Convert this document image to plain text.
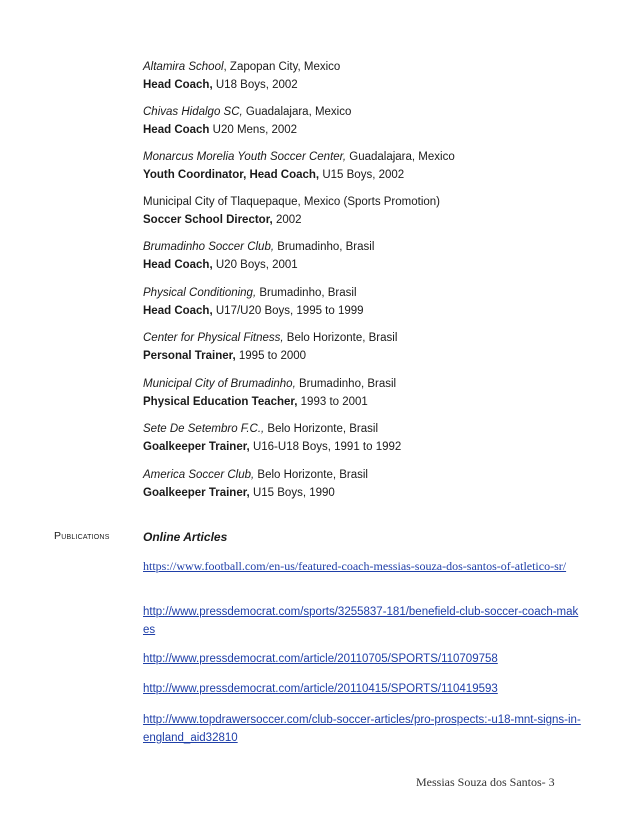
Altamira School, Zapopan City, Mexico
Head Coach, U18 Boys, 2002
Chivas Hidalgo SC, Guadalajara, Mexico
Head Coach U20 Mens, 2002
Monarcus Morelia Youth Soccer Center, Guadalajara, Mexico
Youth Coordinator, Head Coach, U15 Boys, 2002
Municipal City of Tlaquepaque, Mexico (Sports Promotion)
Soccer School Director, 2002
Brumadinho Soccer Club, Brumadinho, Brasil
Head Coach, U20 Boys, 2001
Physical Conditioning, Brumadinho, Brasil
Head Coach, U17/U20 Boys, 1995 to 1999
Center for Physical Fitness, Belo Horizonte, Brasil
Personal Trainer, 1995 to 2000
Municipal City of Brumadinho, Brumadinho, Brasil
Physical Education Teacher, 1993 to 2001
Sete De Setembro F.C., Belo Horizonte, Brasil
Goalkeeper Trainer, U16-U18 Boys, 1991 to 1992
America Soccer Club, Belo Horizonte, Brasil
Goalkeeper Trainer, U15 Boys, 1990
Publications	Online Articles
https://www.football.com/en-us/featured-coach-messias-souza-dos-santos-of-atletico-sr/
http://www.pressdemocrat.com/sports/3255837-181/benefield-club-soccer-coach-makes
http://www.pressdemocrat.com/article/20110705/SPORTS/110709758
http://www.pressdemocrat.com/article/20110415/SPORTS/110419593
http://www.topdrawersoccer.com/club-soccer-articles/pro-prospects:-u18-mnt-signs-in-england_aid32810
Messias Souza dos Santos- 3
